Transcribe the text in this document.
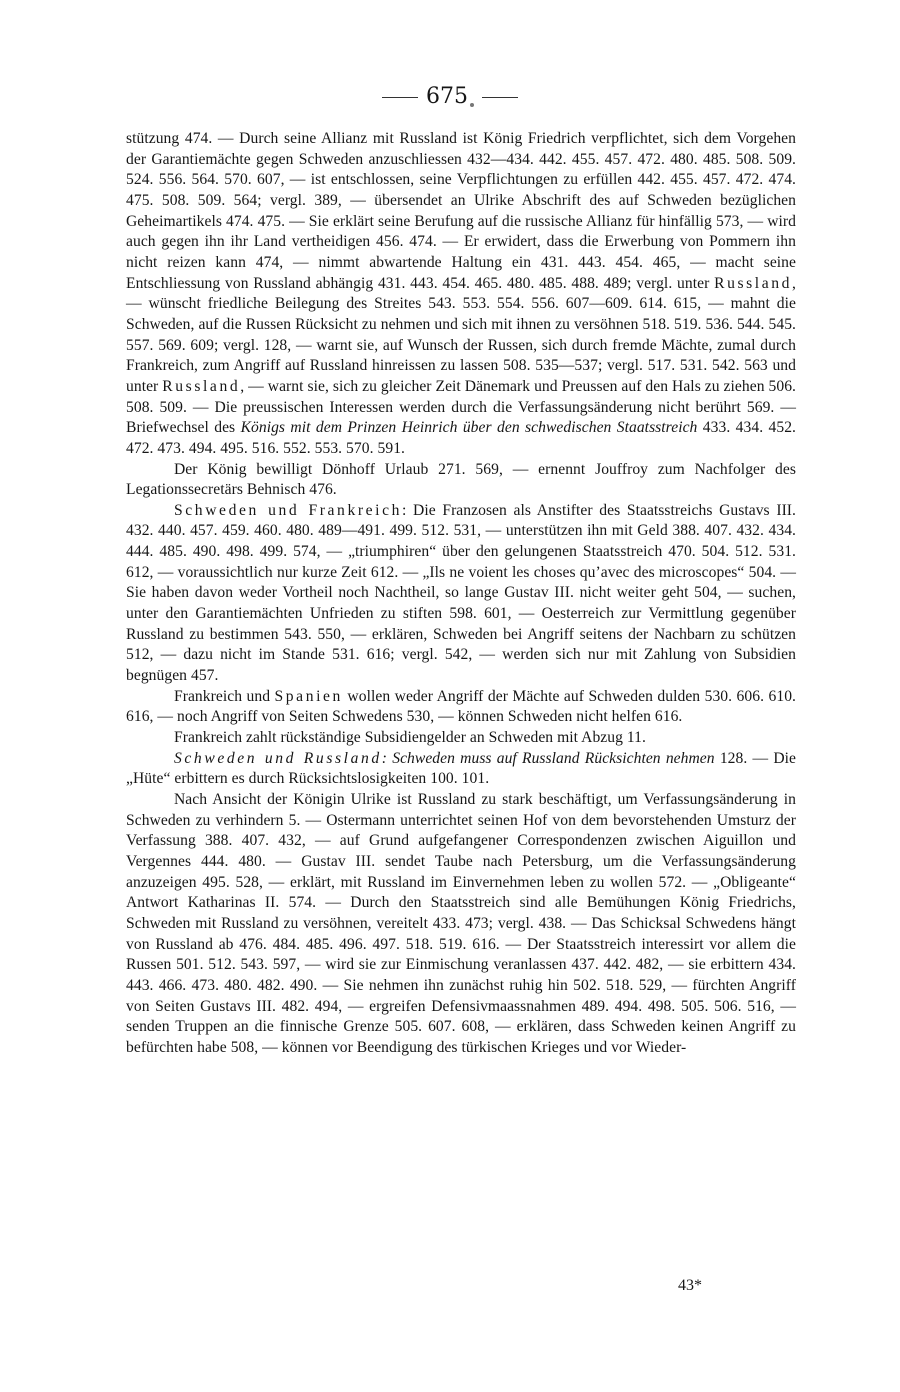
675

stützung 474. — Durch seine Allianz mit Russland ist König Friedrich verpflichtet, sich dem Vorgehen der Garantiemächte gegen Schweden anzuschliessen 432—434. 442. 455. 457. 472. 480. 485. 508. 509. 524. 556. 564. 570. 607, — ist entschlossen, seine Verpflichtungen zu erfüllen 442. 455. 457. 472. 474. 475. 508. 509. 564; vergl. 389, — übersendet an Ulrike Abschrift des auf Schweden bezüglichen Geheimartikels 474. 475. — Sie erklärt seine Berufung auf die russische Allianz für hinfällig 573, — wird auch gegen ihn ihr Land vertheidigen 456. 474. — Er erwidert, dass die Erwerbung von Pommern ihn nicht reizen kann 474, — nimmt abwartende Haltung ein 431. 443. 454. 465, — macht seine Entschliessung von Russland abhängig 431. 443. 454. 465. 480. 485. 488. 489; vergl. unter Russland, — wünscht friedliche Beilegung des Streites 543. 553. 554. 556. 607—609. 614. 615, — mahnt die Schweden, auf die Russen Rücksicht zu nehmen und sich mit ihnen zu versöhnen 518. 519. 536. 544. 545. 557. 569. 609; vergl. 128, — warnt sie, auf Wunsch der Russen, sich durch fremde Mächte, zumal durch Frankreich, zum Angriff auf Russland hinreissen zu lassen 508. 535—537; vergl. 517. 531. 542. 563 und unter Russland, — warnt sie, sich zu gleicher Zeit Dänemark und Preussen auf den Hals zu ziehen 506. 508. 509. — Die preussischen Interessen werden durch die Verfassungsänderung nicht berührt 569. — Briefwechsel des Königs mit dem Prinzen Heinrich über den schwedischen Staatsstreich 433. 434. 452. 472. 473. 494. 495. 516. 552. 553. 570. 591.

Der König bewilligt Dönhoff Urlaub 271. 569, — ernennt Jouffroy zum Nachfolger des Legationssecretärs Behnisch 476.

Schweden und Frankreich: Die Franzosen als Anstifter des Staatsstreichs Gustavs III. 432. 440. 457. 459. 460. 480. 489—491. 499. 512. 531, — unterstützen ihn mit Geld 388. 407. 432. 434. 444. 485. 490. 498. 499. 574, — „triumphiren“ über den gelungenen Staatsstreich 470. 504. 512. 531. 612, — voraussichtlich nur kurze Zeit 612. — „Ils ne voient les choses qu’avec des microscopes“ 504. — Sie haben davon weder Vortheil noch Nachtheil, so lange Gustav III. nicht weiter geht 504, — suchen, unter den Garantiemächten Unfrieden zu stiften 598. 601, — Oesterreich zur Vermittlung gegenüber Russland zu bestimmen 543. 550, — erklären, Schweden bei Angriff seitens der Nachbarn zu schützen 512, — dazu nicht im Stande 531. 616; vergl. 542, — werden sich nur mit Zahlung von Subsidien begnügen 457.

Frankreich und Spanien wollen weder Angriff der Mächte auf Schweden dulden 530. 606. 610. 616, — noch Angriff von Seiten Schwedens 530, — können Schweden nicht helfen 616.

Frankreich zahlt rückständige Subsidiengelder an Schweden mit Abzug 11.

Schweden und Russland: Schweden muss auf Russland Rücksichten nehmen 128. — Die „Hüte“ erbittern es durch Rücksichtslosigkeiten 100. 101.

Nach Ansicht der Königin Ulrike ist Russland zu stark beschäftigt, um Verfassungsänderung in Schweden zu verhindern 5. — Ostermann unterrichtet seinen Hof von dem bevorstehenden Umsturz der Verfassung 388. 407. 432, — auf Grund aufgefangener Correspondenzen zwischen Aiguillon und Vergennes 444. 480. — Gustav III. sendet Taube nach Petersburg, um die Verfassungsänderung anzuzeigen 495. 528, — erklärt, mit Russland im Einvernehmen leben zu wollen 572. — „Obligeante“ Antwort Katharinas II. 574. — Durch den Staatsstreich sind alle Bemühungen König Friedrichs, Schweden mit Russland zu versöhnen, vereitelt 433. 473; vergl. 438. — Das Schicksal Schwedens hängt von Russland ab 476. 484. 485. 496. 497. 518. 519. 616. — Der Staatsstreich interessirt vor allem die Russen 501. 512. 543. 597, — wird sie zur Einmischung veranlassen 437. 442. 482, — sie erbittern 434. 443. 466. 473. 480. 482. 490. — Sie nehmen ihn zunächst ruhig hin 502. 518. 529, — fürchten Angriff von Seiten Gustavs III. 482. 494, — ergreifen Defensivmaassnahmen 489. 494. 498. 505. 506. 516, — senden Truppen an die finnische Grenze 505. 607. 608, — erklären, dass Schweden keinen Angriff zu befürchten habe 508, — können vor Beendigung des türkischen Krieges und vor Wieder-

43*
